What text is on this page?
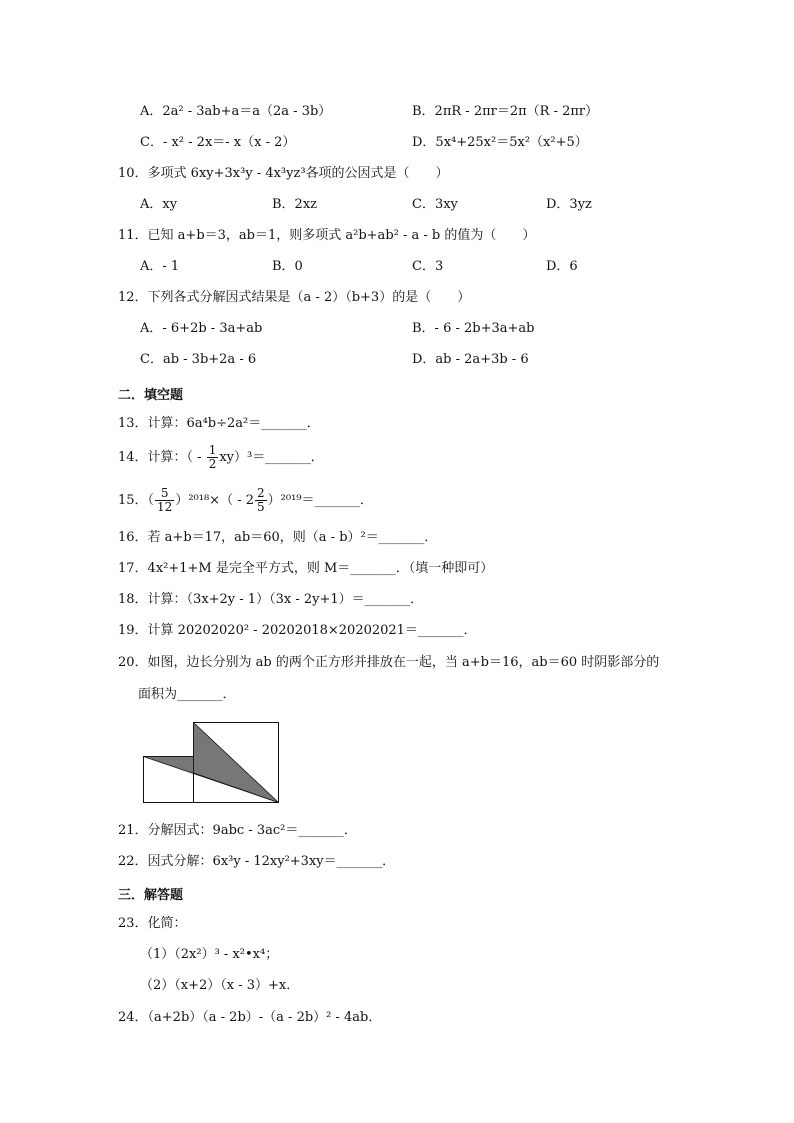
A．2a² - 3ab+a＝a（2a - 3b）	B．2πR - 2πr＝2π（R - 2πr）
C．- x² - 2x＝- x（x - 2）	D．5x⁴+25x²＝5x²（x²+5）
10．多项式 6xy+3x³y - 4x³yz³各项的公因式是（　　）
A．xy	B．2xz	C．3xy	D．3yz
11．已知 a+b＝3，ab＝1，则多项式 a²b+ab² - a - b 的值为（　　）
A．- 1	B．0	C．3	D．6
12．下列各式分解因式结果是（a - 2）（b+3）的是（　　）
A．- 6+2b - 3a+ab	B．- 6 - 2b+3a+ab
C．ab - 3b+2a - 6	D．ab - 2a+3b - 6
二．填空题
13．计算：6a⁴b÷2a²＝_______．
14．计算：（ - $\frac{1}{2}$ xy）³＝_______．
15．（ $\frac{5}{12} )^{2018}\times( - 2 \frac{2}{5}$ ）²⁰¹⁹＝_______．
16．若 a+b＝17，ab＝60，则（a - b）²＝_______．
17．4x²+1+M 是完全平方式，则 M＝_______．（填一种即可）
18．计算：（3x+2y - 1）（3x - 2y+1）＝_______．
19．计算 20202020² - 20202018×20202021＝_______．
20．如图，边长分别为 ab 的两个正方形并排放在一起，当 a+b＝16，ab＝60 时阴影部分的
面积为_______．
21．分解因式：9abc - 3ac²＝_______．
22．因式分解：6x³y - 12xy²+3xy＝_______．
三．解答题
23．化简：
（1）（2x²）³ - x²•x⁴；
（2）（x+2）（x - 3）+x．
24．（a+2b）（a - 2b）-（a - 2b）² - 4ab．
